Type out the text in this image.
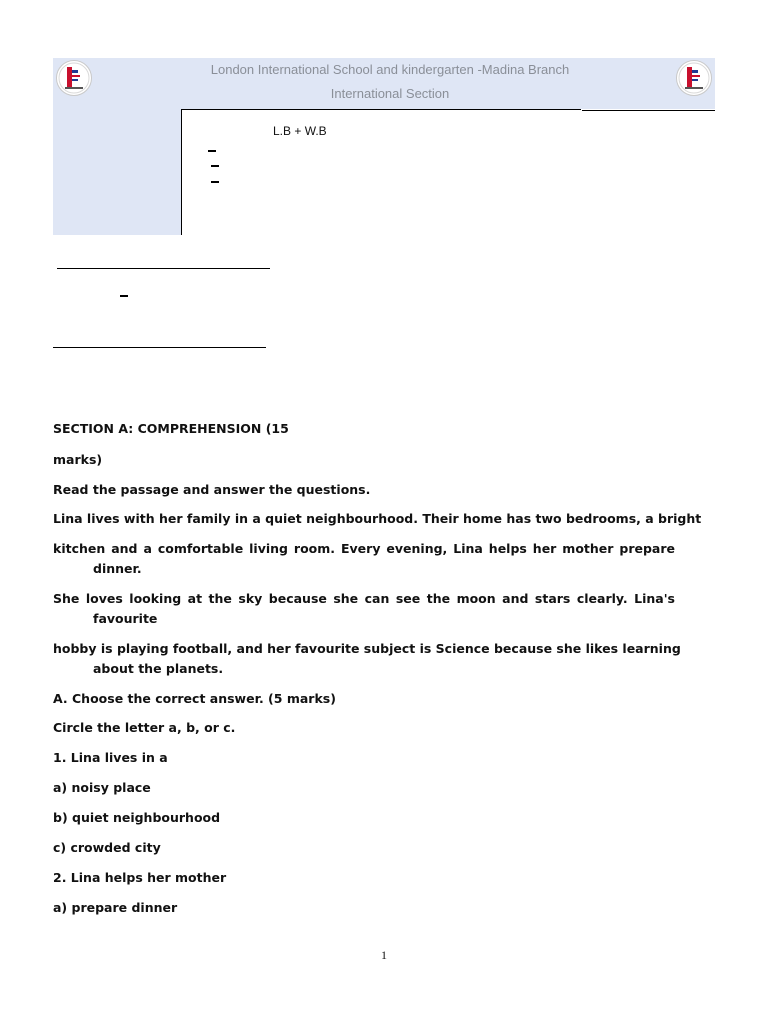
London International School and kindergarten -Madina Branch
International Section
L.B + W.B
SECTION A: COMPREHENSION (15
marks)
Read the passage and answer the questions.
Lina lives with her family in a quiet neighbourhood. Their home has two bedrooms, a bright
kitchen and a comfortable living room. Every evening, Lina helps her mother prepare
dinner.
She loves looking at the sky because she can see the moon and stars clearly. Lina's
favourite
hobby is playing football, and her favourite subject is Science because she likes learning
about the planets.
A. Choose the correct answer. (5 marks)
Circle the letter a, b, or c.
1. Lina lives in a
a) noisy place
b) quiet neighbourhood
c) crowded city
2. Lina helps her mother
a) prepare dinner
1
